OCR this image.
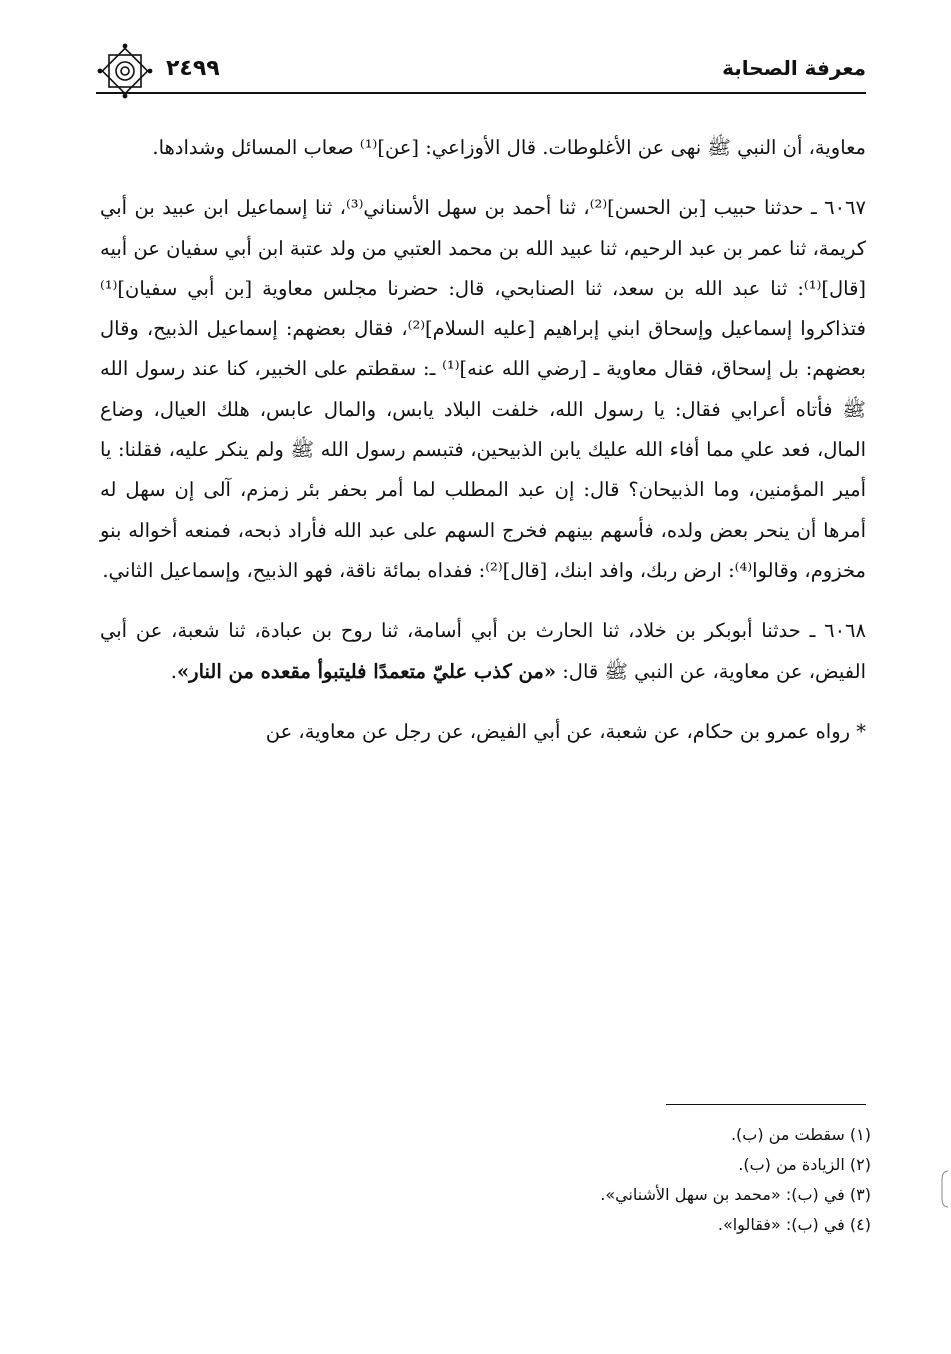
٢٤٩٩	معرفة الصحابة

معاوية، أن النبي ﷺ نهى عن الأغلوطات. قال الأوزاعي: [عن]⁽¹⁾ صعاب المسائل وشدادها.

٦٠٦٧ ـ حدثنا حبيب [بن الحسن]⁽²⁾، ثنا أحمد بن سهل الأسناني⁽³⁾، ثنا إسماعيل ابن عبيد بن أبي كريمة، ثنا عمر بن عبد الرحيم، ثنا عبيد الله بن محمد العتبي من ولد عتبة ابن أبي سفيان عن أبيه [قال]⁽¹⁾: ثنا عبد الله بن سعد، ثنا الصنابحي، قال: حضرنا مجلس معاوية [بن أبي سفيان]⁽¹⁾ فتذاكروا إسماعيل وإسحاق ابني إبراهيم [عليه السلام]⁽²⁾، فقال بعضهم: إسماعيل الذبيح، وقال بعضهم: بل إسحاق، فقال معاوية ـ [رضي الله عنه]⁽¹⁾ ـ: سقطتم على الخبير، كنا عند رسول الله ﷺ فأتاه أعرابي فقال: يا رسول الله، خلفت البلاد يابس، والمال عابس، هلك العيال، وضاع المال، فعد علي مما أفاء الله عليك يابن الذبيحين، فتبسم رسول الله ﷺ ولم ينكر عليه، فقلنا: يا أمير المؤمنين، وما الذبيحان؟ قال: إن عبد المطلب لما أمر بحفر بئر زمزم، آلى إن سهل له أمرها أن ينحر بعض ولده، فأسهم بينهم فخرج السهم على عبد الله فأراد ذبحه، فمنعه أخواله بنو مخزوم، وقالوا⁽⁴⁾: ارض ربك، وافد ابنك، [قال]⁽²⁾: ففداه بمائة ناقة، فهو الذبيح، وإسماعيل الثاني.

٦٠٦٨ ـ حدثنا أبوبكر بن خلاد، ثنا الحارث بن أبي أسامة، ثنا روح بن عبادة، ثنا شعبة، عن أبي الفيض، عن معاوية، عن النبي ﷺ قال: «من كذب عليّ متعمدًا فليتبوأ مقعده من النار».

* رواه عمرو بن حكام، عن شعبة، عن أبي الفيض، عن رجل عن معاوية، عن

(١) سقطت من (ب).
(٢) الزيادة من (ب).
(٣) في (ب): «محمد بن سهل الأشناني».
(٤) في (ب): «فقالوا».
